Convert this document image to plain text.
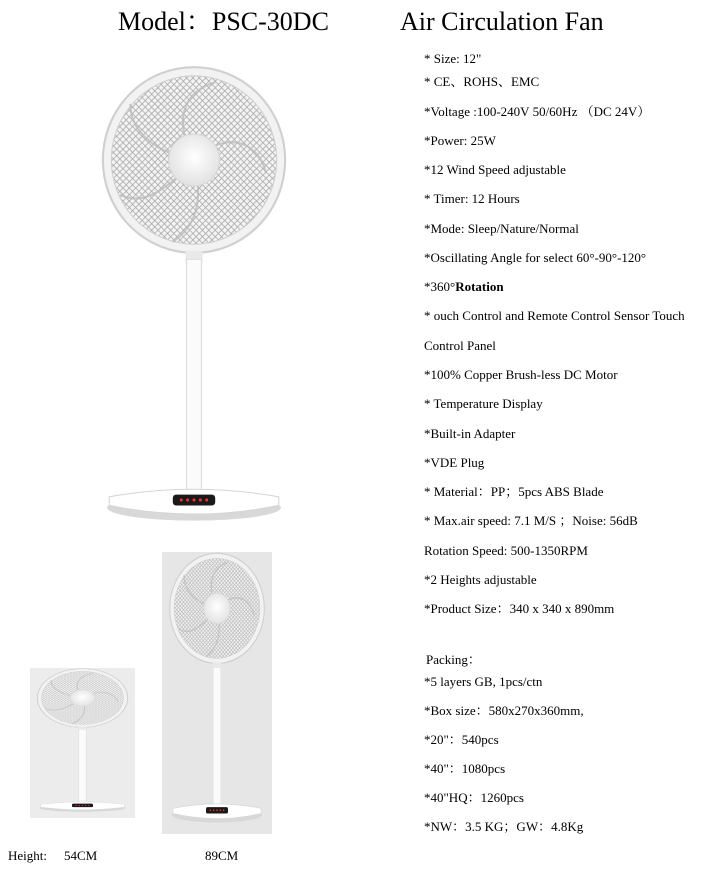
Model：PSC-30DC	Air Circulation Fan
* Size: 12"
* CE、ROHS、EMC
*Voltage :100-240V 50/60Hz （DC 24V）
*Power: 25W
*12 Wind Speed adjustable
* Timer: 12 Hours
*Mode: Sleep/Nature/Normal
*Oscillating Angle for select 60°-90°-120°
*360°Rotation
* ouch Control and Remote Control Sensor Touch
Control Panel
*100% Copper Brush-less DC Motor
* Temperature Display
*Built-in Adapter
*VDE Plug
* Material：PP；5pcs ABS Blade
* Max.air speed: 7.1 M/S ；Noise: 56dB
Rotation Speed: 500-1350RPM
*2 Heights adjustable
*Product Size：340 x 340 x 890mm
Packing：
*5 layers GB, 1pcs/ctn
*Box size：580x270x360mm,
*20"：540pcs
*40"：1080pcs
*40"HQ：1260pcs
*NW：3.5 KG；GW：4.8Kg
Height: 54CM	89CM
